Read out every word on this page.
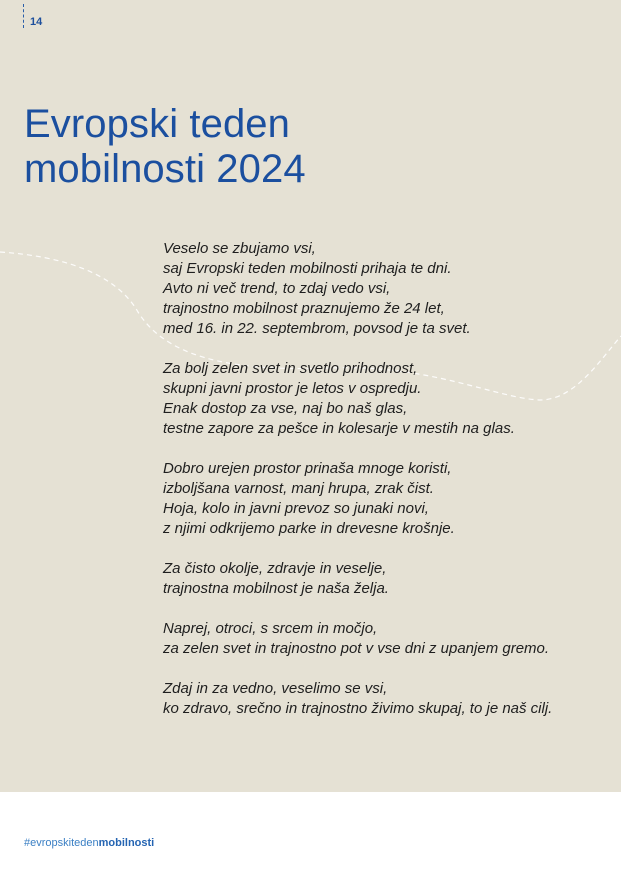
14
Evropski teden
mobilnosti 2024
Veselo se zbujamo vsi,
saj Evropski teden mobilnosti prihaja te dni.
Avto ni več trend, to zdaj vedo vsi,
trajnostno mobilnost praznujemo že 24 let,
med 16. in 22. septembrom, povsod je ta svet.
Za bolj zelen svet in svetlo prihodnost,
skupni javni prostor je letos v ospredju.
Enak dostop za vse, naj bo naš glas,
testne zapore za pešce in kolesarje v mestih na glas.
Dobro urejen prostor prinaša mnoge koristi,
izboljšana varnost, manj hrupa, zrak čist.
Hoja, kolo in javni prevoz so junaki novi,
z njimi odkrijemo parke in drevesne krošnje.
Za čisto okolje, zdravje in veselje,
trajnostna mobilnost je naša želja.
Naprej, otroci, s srcem in močjo,
za zelen svet in trajnostno pot v vse dni z upanjem gremo.
Zdaj in za vedno, veselimo se vsi,
ko zdravo, srečno in trajnostno živimo skupaj, to je naš cilj.
#evropskitedenmobilnosti
